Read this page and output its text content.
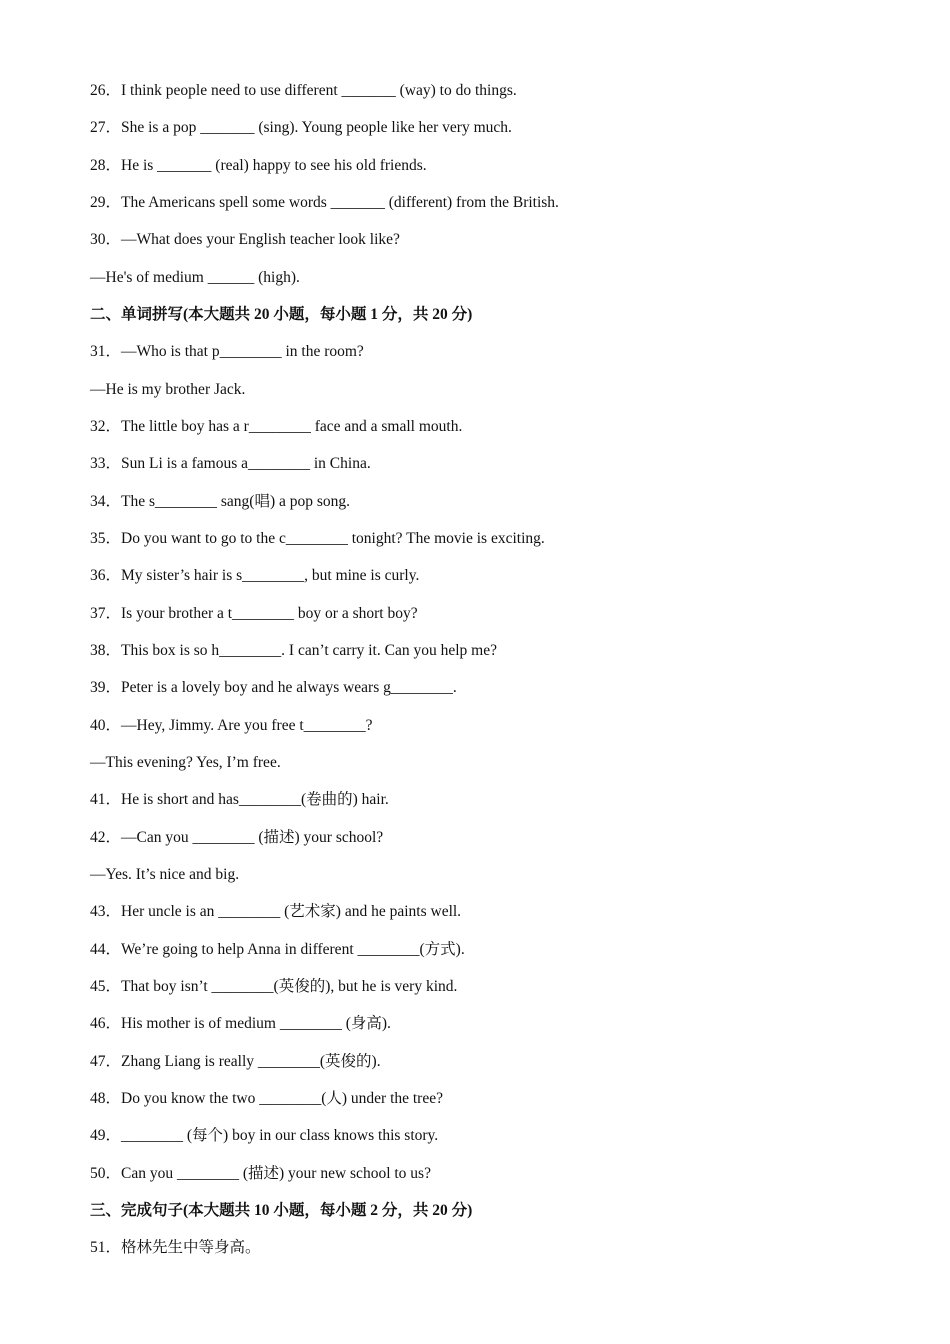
26．I think people need to use different _______ (way) to do things.
27．She is a pop _______ (sing). Young people like her very much.
28．He is _______ (real) happy to see his old friends.
29．The Americans spell some words _______ (different) from the British.
30．—What does your English teacher look like?
—He's of medium ______ (high).
二、单词拼写(本大题共 20 小题，每小题 1 分，共 20 分)
31．—Who is that p________ in the room?
—He is my brother Jack.
32．The little boy has a r________ face and a small mouth.
33．Sun Li is a famous a________ in China.
34．The s________ sang(唱) a pop song.
35．Do you want to go to the c________ tonight? The movie is exciting.
36．My sister’s hair is s________, but mine is curly.
37．Is your brother a t________ boy or a short boy?
38．This box is so h________. I can’t carry it. Can you help me?
39．Peter is a lovely boy and he always wears g________.
40．—Hey, Jimmy. Are you free t________?
—This evening? Yes, I’m free.
41．He is short and has________(卷曲的) hair.
42．—Can you ________ (描述) your school?
—Yes. It’s nice and big.
43．Her uncle is an ________ (艺术家) and he paints well.
44．We’re going to help Anna in different ________(方式).
45．That boy isn’t ________(英俊的), but he is very kind.
46．His mother is of medium ________ (身高).
47．Zhang Liang is really ________(英俊的).
48．Do you know the two ________(人) under the tree?
49．________ (每个) boy in our class knows this story.
50．Can you ________ (描述) your new school to us?
三、完成句子(本大题共 10 小题，每小题 2 分，共 20 分)
51．格林先生中等身高。
